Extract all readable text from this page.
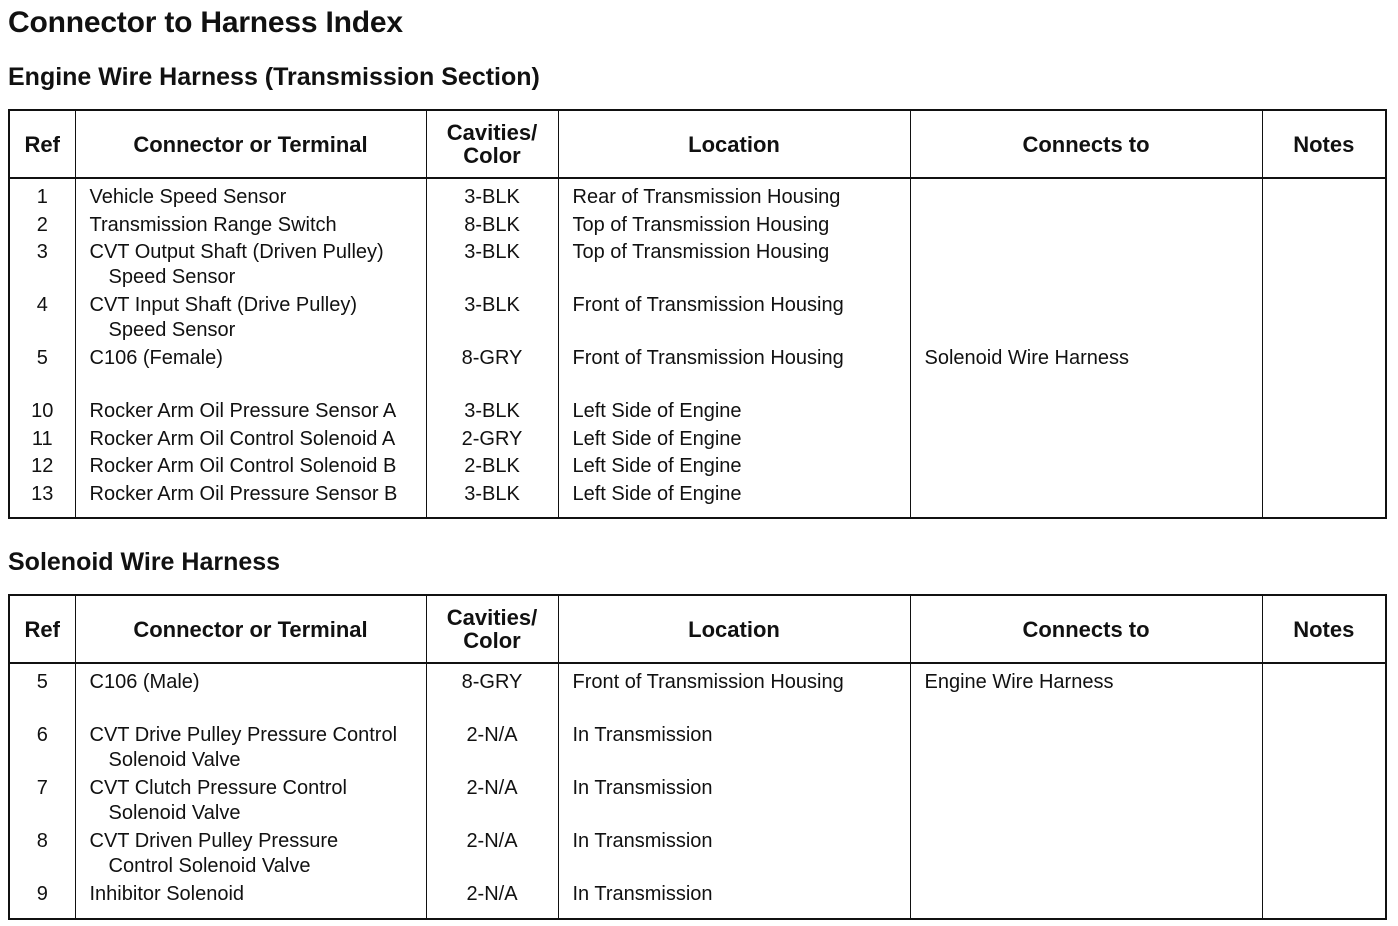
Connector to Harness Index
Engine Wire Harness (Transmission Section)
Ref	Connector or Terminal	Cavities/
Color	Location	Connects to	Notes
1	Vehicle Speed Sensor	3-BLK	Rear of Transmission Housing		
2	Transmission Range Switch	8-BLK	Top of Transmission Housing		
3	CVT Output Shaft (Driven Pulley)
Speed Sensor	3-BLK	Top of Transmission Housing		
4	CVT Input Shaft (Drive Pulley)
Speed Sensor	3-BLK	Front of Transmission Housing		
5	C106 (Female)	8-GRY	Front of Transmission Housing	Solenoid Wire Harness	
10	Rocker Arm Oil Pressure Sensor A	3-BLK	Left Side of Engine		
11	Rocker Arm Oil Control Solenoid A	2-GRY	Left Side of Engine		
12	Rocker Arm Oil Control Solenoid B	2-BLK	Left Side of Engine		
13	Rocker Arm Oil Pressure Sensor B	3-BLK	Left Side of Engine		
Solenoid Wire Harness
Ref	Connector or Terminal	Cavities/
Color	Location	Connects to	Notes
5	C106 (Male)	8-GRY	Front of Transmission Housing	Engine Wire Harness	
6	CVT Drive Pulley Pressure Control
Solenoid Valve	2-N/A	In Transmission		
7	CVT Clutch Pressure Control
Solenoid Valve	2-N/A	In Transmission		
8	CVT Driven Pulley Pressure
Control Solenoid Valve	2-N/A	In Transmission		
9	Inhibitor Solenoid	2-N/A	In Transmission		
